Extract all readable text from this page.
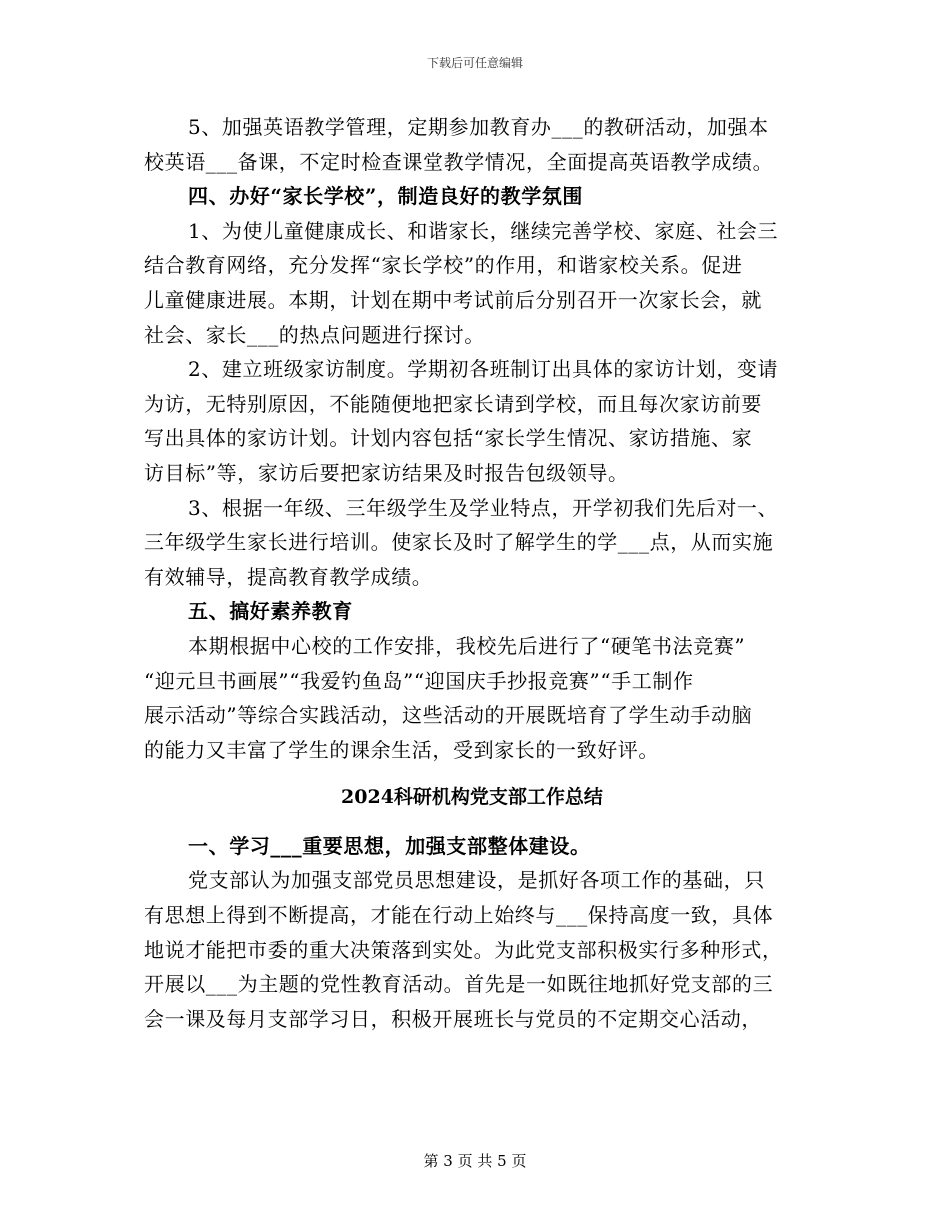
下载后可任意编辑
5、加强英语教学管理，定期参加教育办___的教研活动，加强本
校英语___备课，不定时检查课堂教学情况，全面提高英语教学成绩。
四、办好“家长学校”，制造良好的教学氛围
1、为使儿童健康成长、和谐家长，继续完善学校、家庭、社会三
结合教育网络，充分发挥“家长学校”的作用，和谐家校关系。促进
儿童健康进展。本期，计划在期中考试前后分别召开一次家长会，就
社会、家长___的热点问题进行探讨。
2、建立班级家访制度。学期初各班制订出具体的家访计划，变请
为访，无特别原因，不能随便地把家长请到学校，而且每次家访前要
写出具体的家访计划。计划内容包括“家长学生情况、家访措施、家
访目标”等，家访后要把家访结果及时报告包级领导。
3、根据一年级、三年级学生及学业特点，开学初我们先后对一、
三年级学生家长进行培训。使家长及时了解学生的学___点，从而实施
有效辅导，提高教育教学成绩。
五、搞好素养教育
本期根据中心校的工作安排，我校先后进行了“硬笔书法竞赛”
“迎元旦书画展”“我爱钓鱼岛”“迎国庆手抄报竞赛”“手工制作
展示活动”等综合实践活动，这些活动的开展既培育了学生动手动脑
的能力又丰富了学生的课余生活，受到家长的一致好评。
2024科研机构党支部工作总结
一、学习___重要思想，加强支部整体建设。
党支部认为加强支部党员思想建设，是抓好各项工作的基础，只
有思想上得到不断提高，才能在行动上始终与___保持高度一致，具体
地说才能把市委的重大决策落到实处。为此党支部积极实行多种形式，
开展以___为主题的党性教育活动。首先是一如既往地抓好党支部的三
会一课及每月支部学习日，积极开展班长与党员的不定期交心活动，
第 3 页 共 5 页
